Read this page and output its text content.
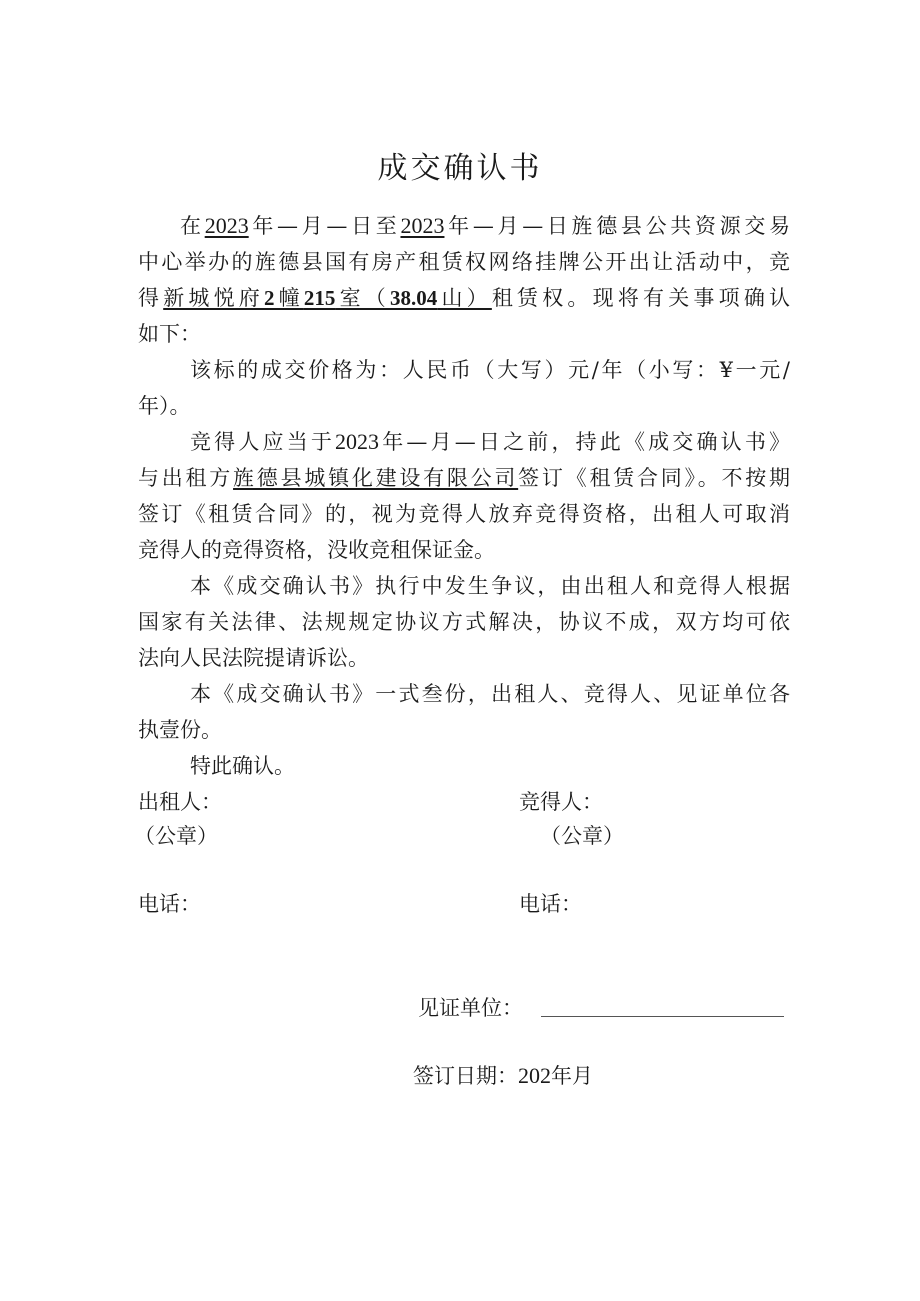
成交确认书
在2023年—月—日至2023年—月—日旌德县公共资源交易
中心举办的旌德县国有房产租赁权网络挂牌公开出让活动中，竞
得新城悦府2幢215室（38.04山）租赁权。现将有关事项确认
如下：
该标的成交价格为：人民币（大写）元/年（小写：¥一元/
年）。
竞得人应当于2023年—月—日之前，持此《成交确认书》
与出租方旌德县城镇化建设有限公司签订《租赁合同》。不按期
签订《租赁合同》的，视为竞得人放弃竞得资格，出租人可取消
竞得人的竞得资格，没收竞租保证金。
本《成交确认书》执行中发生争议，由出租人和竞得人根据
国家有关法律、法规规定协议方式解决，协议不成，双方均可依
法向人民法院提请诉讼。
本《成交确认书》一式叁份，出租人、竞得人、见证单位各
执壹份。
特此确认。
出租人：	竞得人：
（公章）	（公章）
电话：	电话：
见证单位：
签订日期：202年月
